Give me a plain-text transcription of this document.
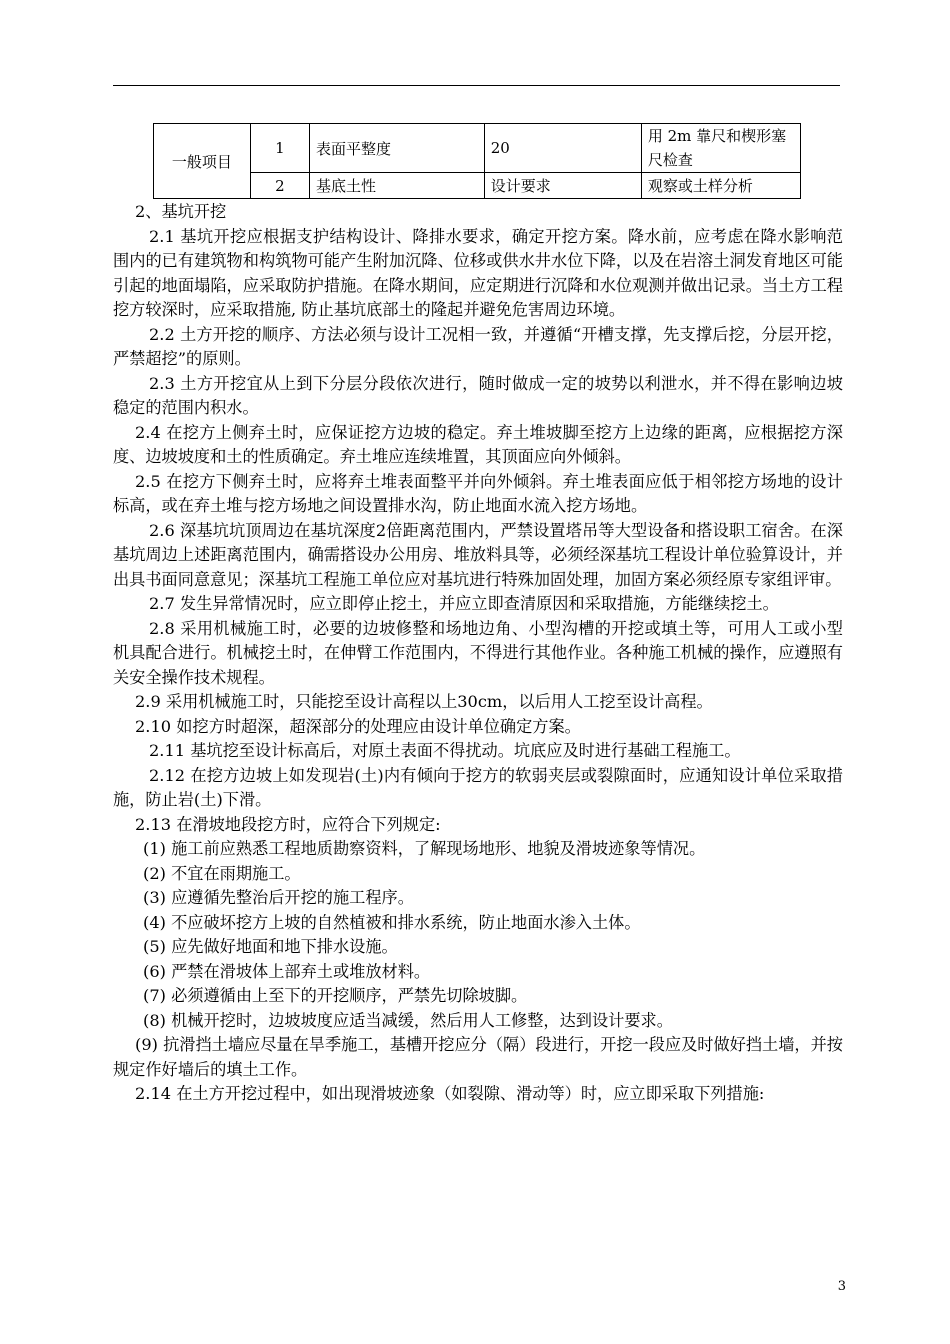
一般项目	1	表面平整度	20	用 2m 靠尺和楔形塞尺检查
	2	基底土性	设计要求	观察或土样分析

2、基坑开挖

2.1 基坑开挖应根据支护结构设计、降排水要求，确定开挖方案。降水前，应考虑在降水影响范围内的已有建筑物和构筑物可能产生附加沉降、位移或供水井水位下降，以及在岩溶土洞发育地区可能引起的地面塌陷，应采取防护措施。在降水期间，应定期进行沉降和水位观测并做出记录。当土方工程挖方较深时，应采取措施, 防止基坑底部土的隆起并避免危害周边环境。

2.2 土方开挖的顺序、方法必须与设计工况相一致，并遵循“开槽支撑，先支撑后挖，分层开挖，严禁超挖”的原则。

2.3 土方开挖宜从上到下分层分段依次进行，随时做成一定的坡势以利泄水，并不得在影响边坡稳定的范围内积水。

2.4 在挖方上侧弃土时，应保证挖方边坡的稳定。弃土堆坡脚至挖方上边缘的距离，应根据挖方深度、边坡坡度和土的性质确定。弃土堆应连续堆置，其顶面应向外倾斜。

2.5 在挖方下侧弃土时，应将弃土堆表面整平并向外倾斜。弃土堆表面应低于相邻挖方场地的设计标高，或在弃土堆与挖方场地之间设置排水沟，防止地面水流入挖方场地。

2.6 深基坑坑顶周边在基坑深度2倍距离范围内，严禁设置塔吊等大型设备和搭设职工宿舍。在深基坑周边上述距离范围内，确需搭设办公用房、堆放料具等，必须经深基坑工程设计单位验算设计，并出具书面同意意见；深基坑工程施工单位应对基坑进行特殊加固处理，加固方案必须经原专家组评审。

2.7 发生异常情况时，应立即停止挖土，并应立即查清原因和采取措施，方能继续挖土。

2.8 采用机械施工时，必要的边坡修整和场地边角、小型沟槽的开挖或填土等，可用人工或小型机具配合进行。机械挖土时，在伸臂工作范围内，不得进行其他作业。各种施工机械的操作，应遵照有关安全操作技术规程。

2.9 采用机械施工时，只能挖至设计高程以上30cm，以后用人工挖至设计高程。

2.10 如挖方时超深，超深部分的处理应由设计单位确定方案。

2.11 基坑挖至设计标高后，对原土表面不得扰动。坑底应及时进行基础工程施工。

2.12 在挖方边坡上如发现岩(土)内有倾向于挖方的软弱夹层或裂隙面时，应通知设计单位采取措施，防止岩(土)下滑。

2.13 在滑坡地段挖方时，应符合下列规定:

(1) 施工前应熟悉工程地质勘察资料，了解现场地形、地貌及滑坡迹象等情况。

(2) 不宜在雨期施工。

(3) 应遵循先整治后开挖的施工程序。

(4) 不应破坏挖方上坡的自然植被和排水系统，防止地面水渗入土体。

(5) 应先做好地面和地下排水设施。

(6) 严禁在滑坡体上部弃土或堆放材料。

(7) 必须遵循由上至下的开挖顺序，严禁先切除坡脚。

(8) 机械开挖时，边坡坡度应适当减缓，然后用人工修整，达到设计要求。

(9) 抗滑挡土墙应尽量在旱季施工，基槽开挖应分（隔）段进行，开挖一段应及时做好挡土墙，并按规定作好墙后的填土工作。

2.14 在土方开挖过程中，如出现滑坡迹象（如裂隙、滑动等）时，应立即采取下列措施:

3
